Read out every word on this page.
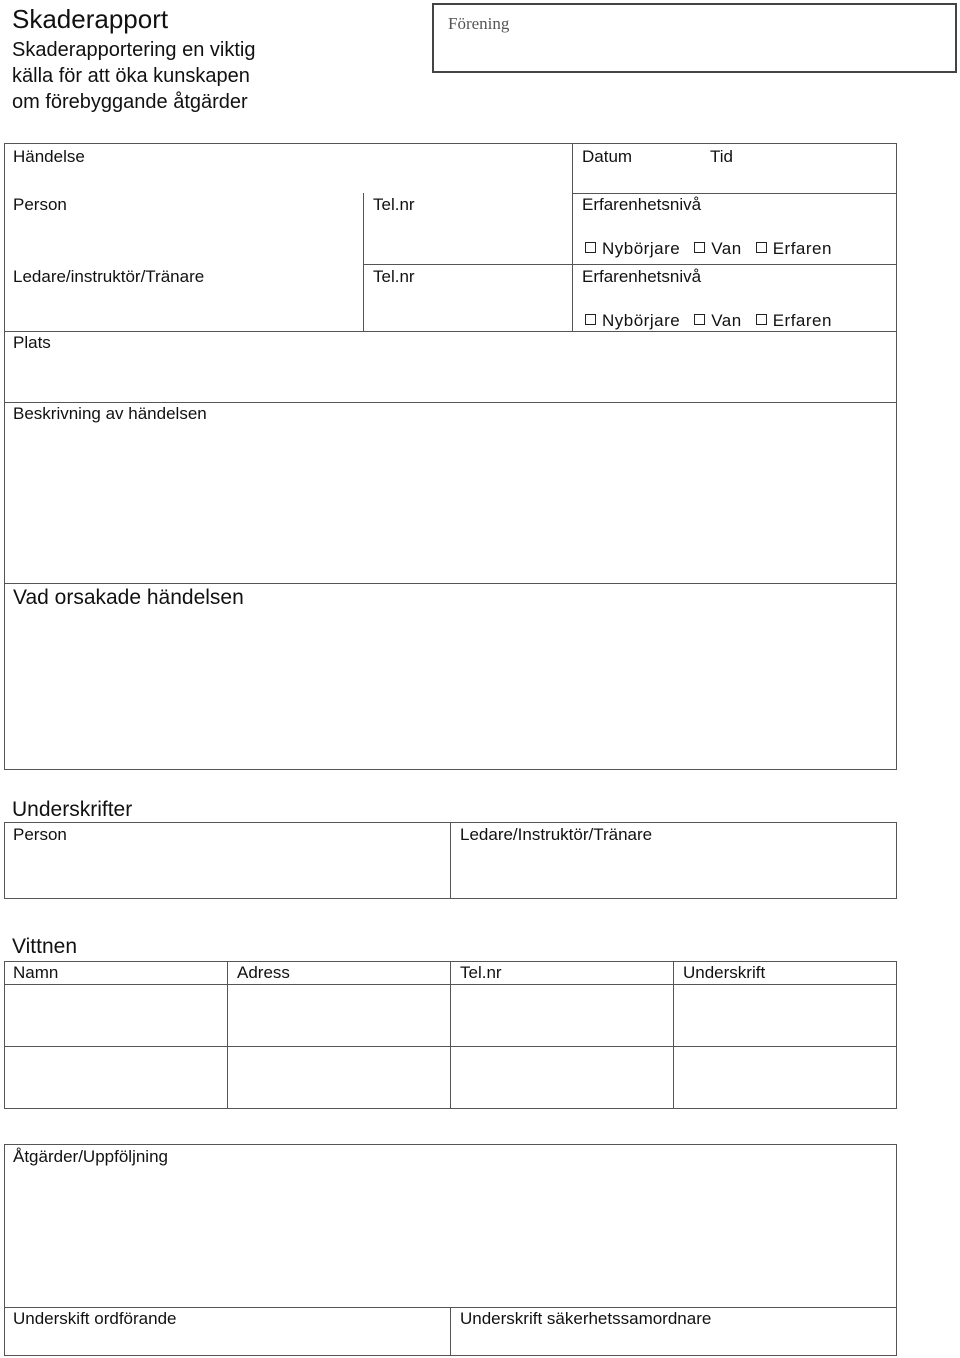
Skaderapport
Skaderapportering en viktig
källa för att öka kunskapen
om förebyggande åtgärder
Förening
Händelse	Datum	Tid
Person	Tel.nr	Erfarenhetsnivå
Nybörjare Van Erfaren
Ledare/instruktör/Tränare	Tel.nr	Erfarenhetsnivå
Nybörjare Van Erfaren
Plats
Beskrivning av händelsen
Vad orsakade händelsen
Underskrifter
Person	Ledare/Instruktör/Tränare
Vittnen
Namn	Adress	Tel.nr	Underskrift
Åtgärder/Uppföljning
Underskift ordförande	Underskrift säkerhetssamordnare
